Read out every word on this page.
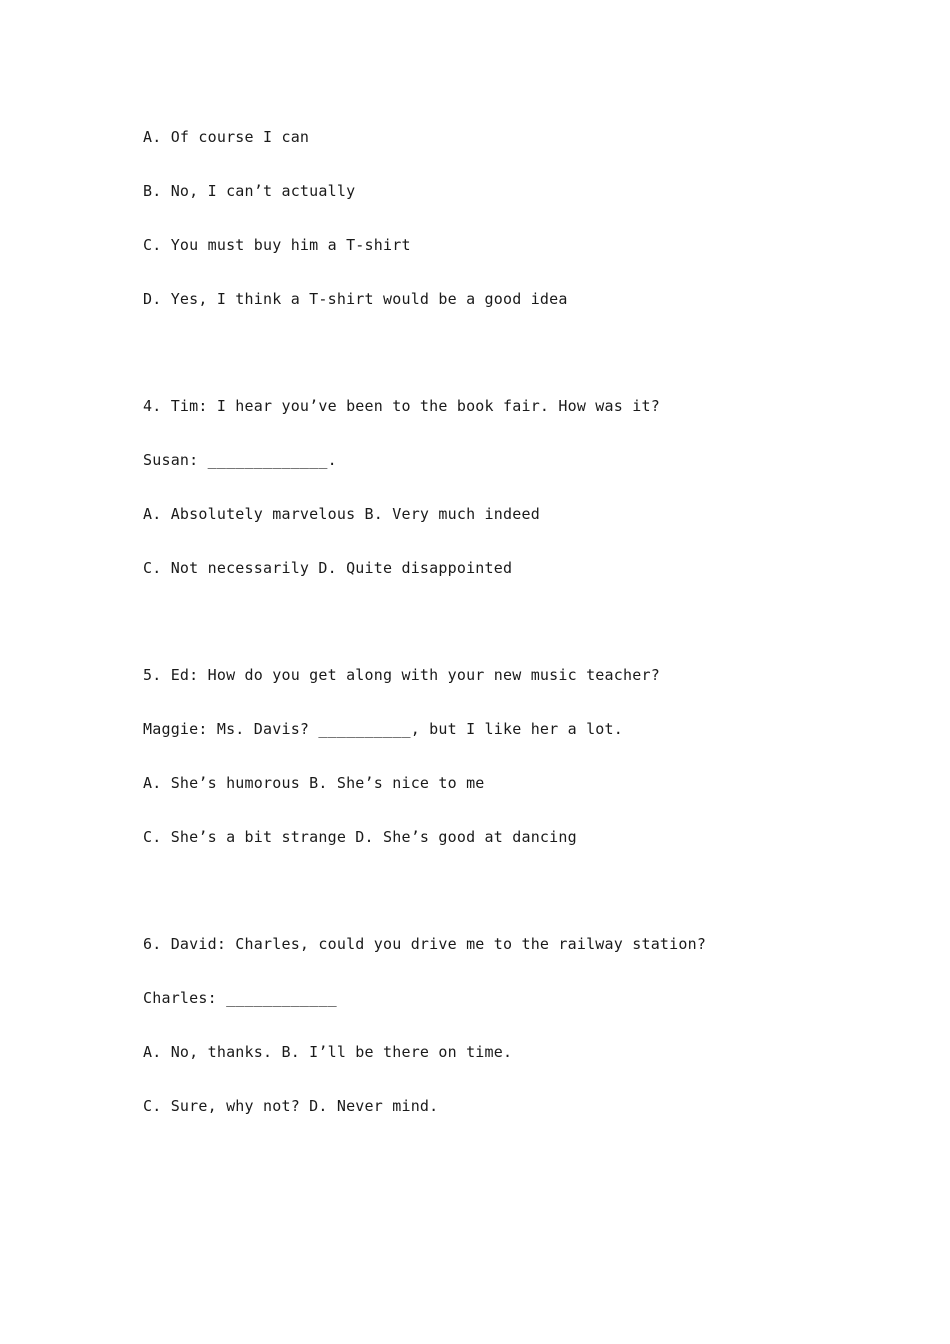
A. Of course I can
B. No, I can’t actually
C. You must buy him a T-shirt
D. Yes, I think a T-shirt would be a good idea
4. Tim: I hear you’ve been to the book fair. How was it?
Susan: _____________.
A. Absolutely marvelous B. Very much indeed
C. Not necessarily D. Quite disappointed
5. Ed: How do you get along with your new music teacher?
Maggie: Ms. Davis? __________, but I like her a lot.
A. She’s humorous B. She’s nice to me
C. She’s a bit strange D. She’s good at dancing
6. David: Charles, could you drive me to the railway station?
Charles: ____________
A. No, thanks. B. I’ll be there on time.
C. Sure, why not? D. Never mind.
